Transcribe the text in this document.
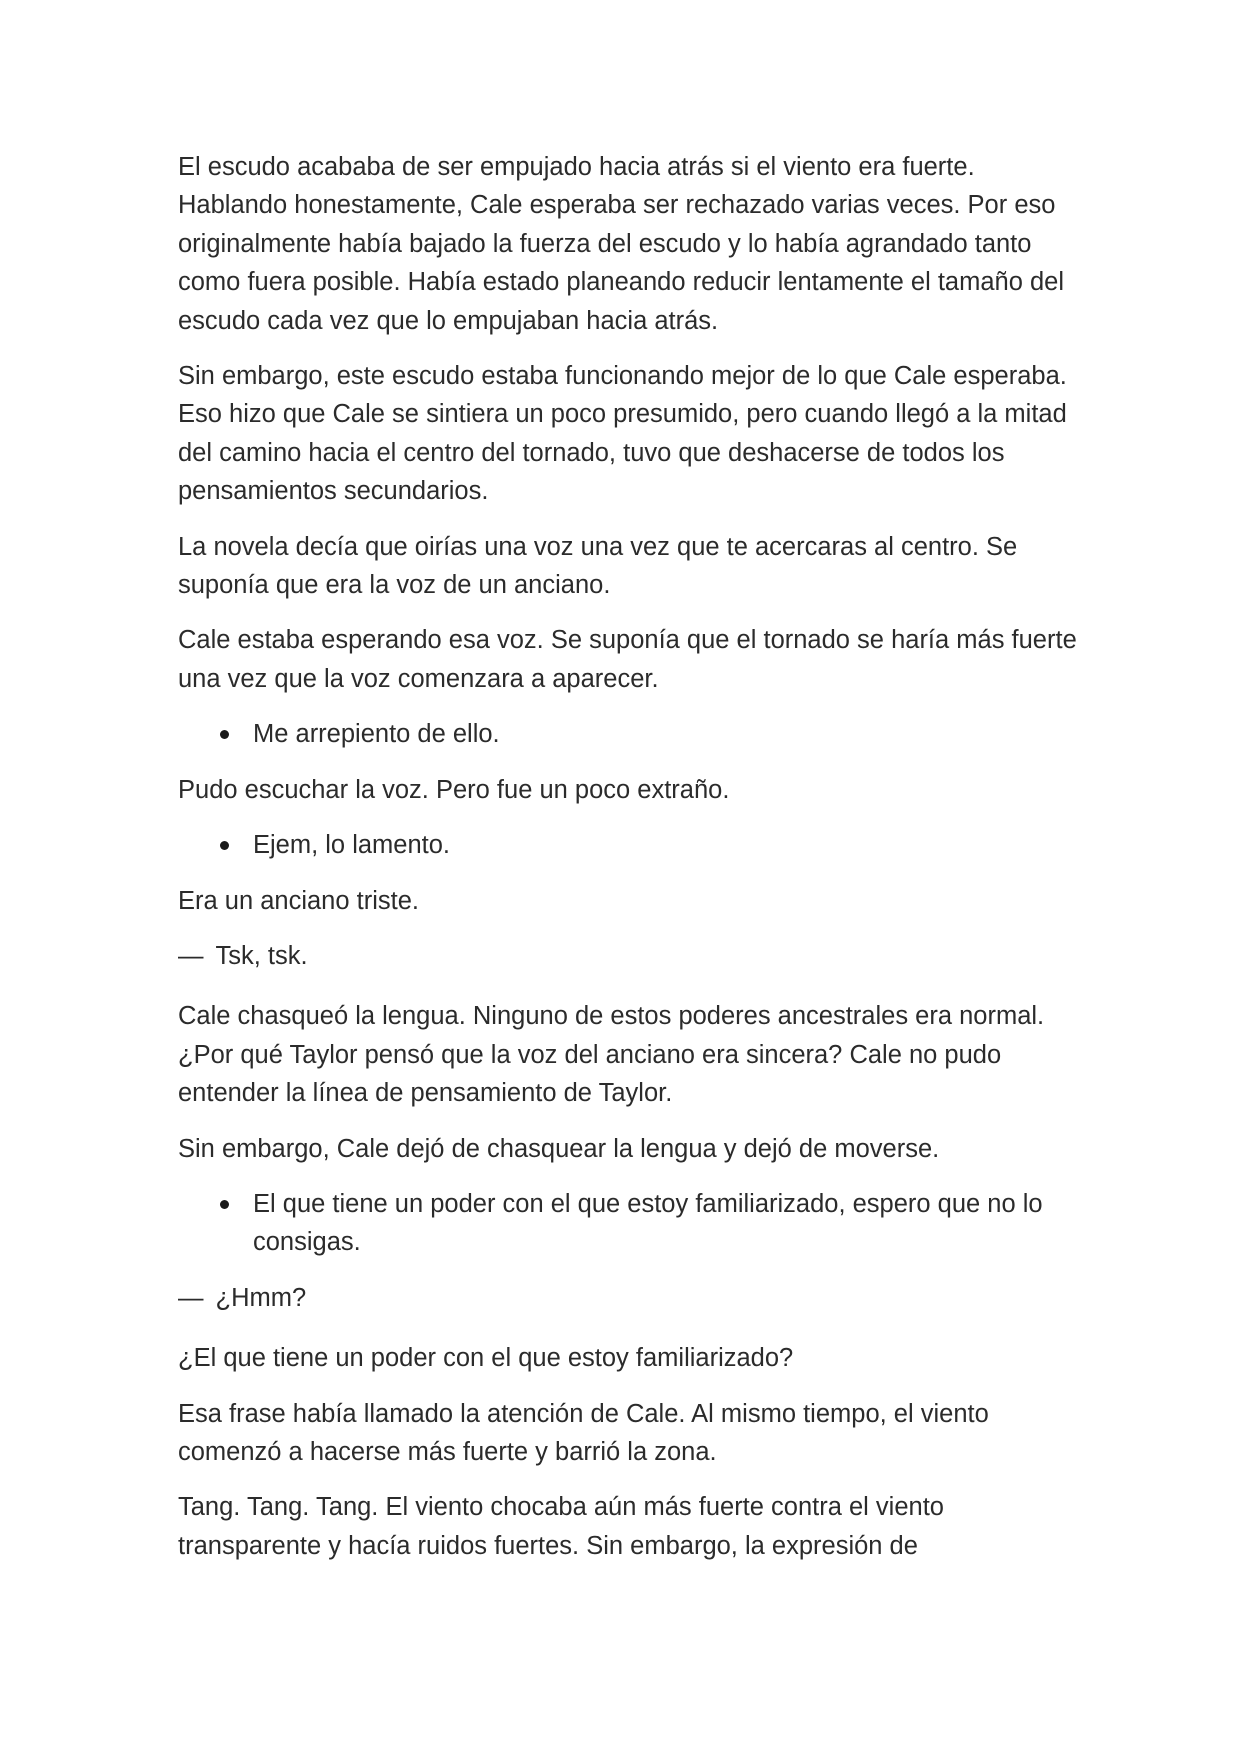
El escudo acababa de ser empujado hacia atrás si el viento era fuerte. Hablando honestamente, Cale esperaba ser rechazado varias veces. Por eso originalmente había bajado la fuerza del escudo y lo había agrandado tanto como fuera posible. Había estado planeando reducir lentamente el tamaño del escudo cada vez que lo empujaban hacia atrás.

Sin embargo, este escudo estaba funcionando mejor de lo que Cale esperaba. Eso hizo que Cale se sintiera un poco presumido, pero cuando llegó a la mitad del camino hacia el centro del tornado, tuvo que deshacerse de todos los pensamientos secundarios.

La novela decía que oirías una voz una vez que te acercaras al centro. Se suponía que era la voz de un anciano.

Cale estaba esperando esa voz. Se suponía que el tornado se haría más fuerte una vez que la voz comenzara a aparecer.

Me arrepiento de ello.

Pudo escuchar la voz. Pero fue un poco extraño.

Ejem, lo lamento.

Era un anciano triste.

— Tsk, tsk.

Cale chasqueó la lengua. Ninguno de estos poderes ancestrales era normal. ¿Por qué Taylor pensó que la voz del anciano era sincera? Cale no pudo entender la línea de pensamiento de Taylor.

Sin embargo, Cale dejó de chasquear la lengua y dejó de moverse.

El que tiene un poder con el que estoy familiarizado, espero que no lo consigas.

— ¿Hmm?

¿El que tiene un poder con el que estoy familiarizado?

Esa frase había llamado la atención de Cale. Al mismo tiempo, el viento comenzó a hacerse más fuerte y barrió la zona.

Tang. Tang. Tang. El viento chocaba aún más fuerte contra el viento transparente y hacía ruidos fuertes. Sin embargo, la expresión de
